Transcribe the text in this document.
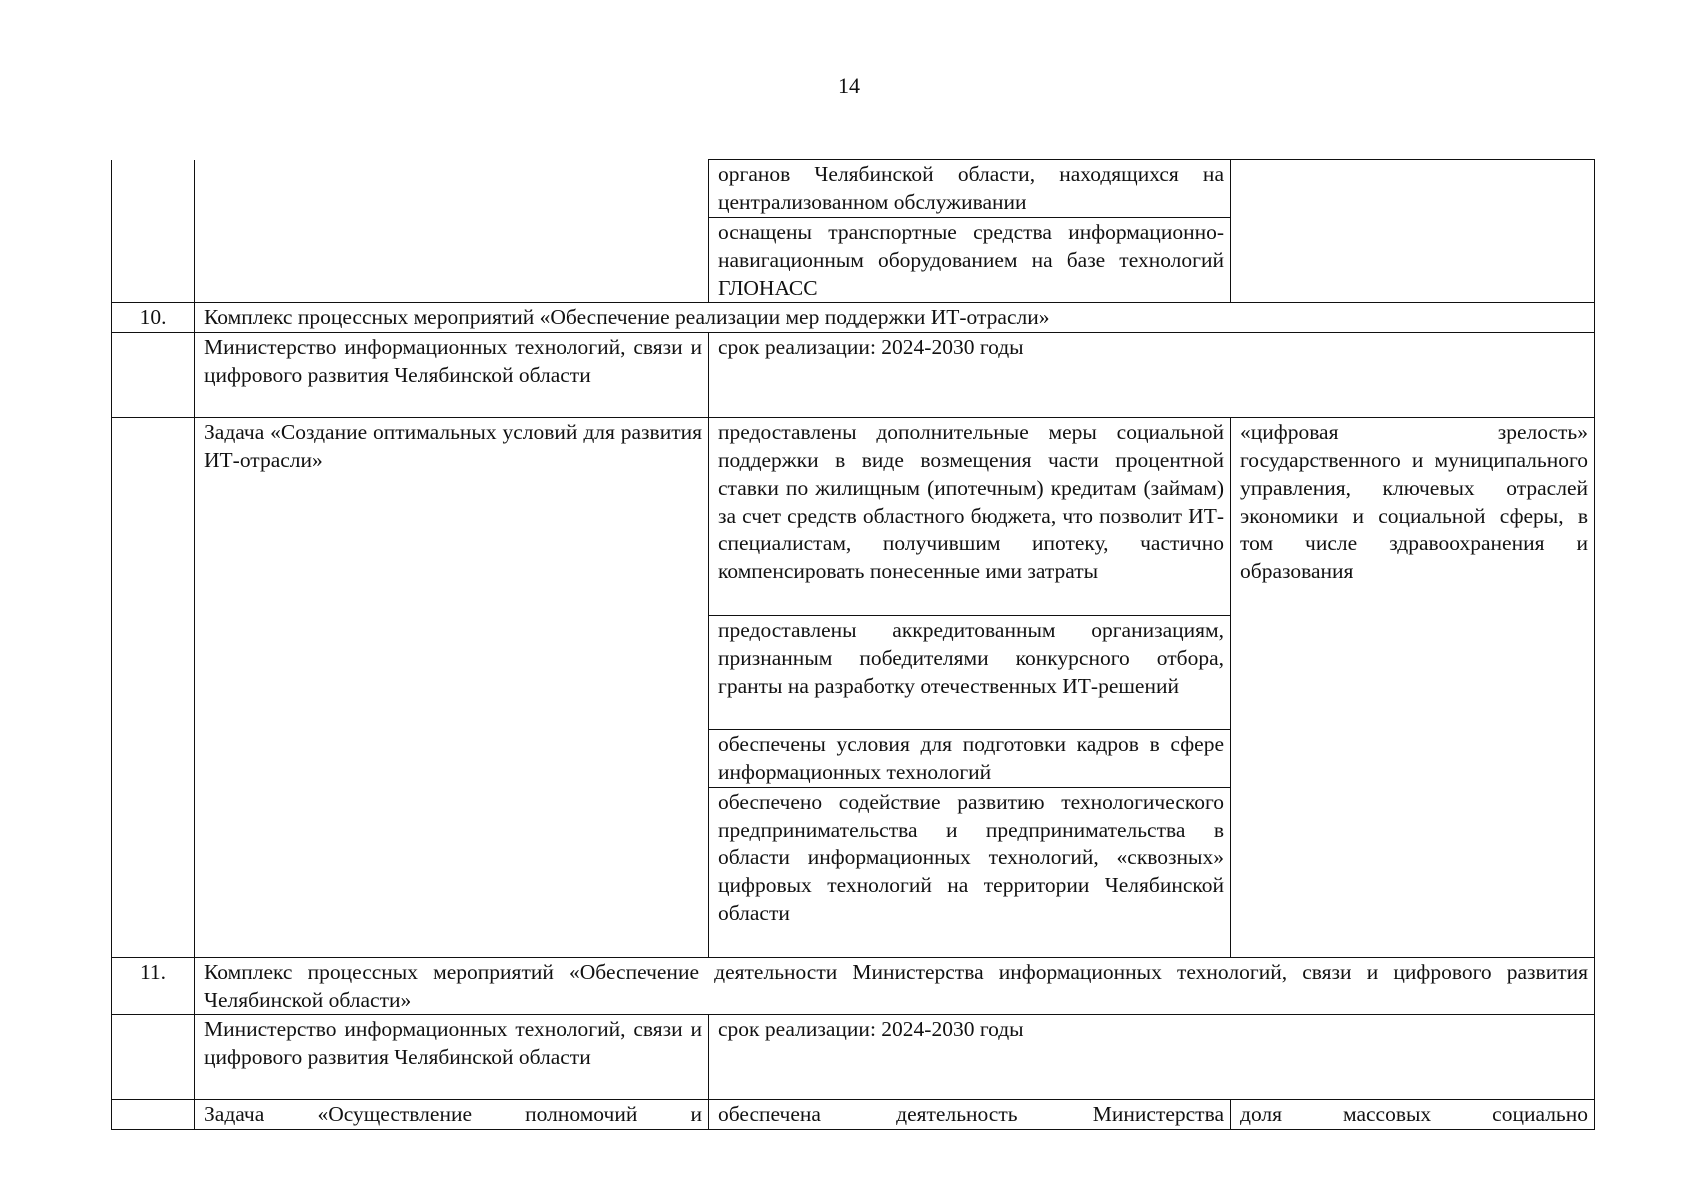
14
		органов Челябинской области, находящихся на централизованном обслуживании	
		оснащены транспортные средства информационно-навигационным оборудованием на базе технологий ГЛОНАСС	
10.	Комплекс процессных мероприятий «Обеспечение реализации мер поддержки ИТ-отрасли»		
	Министерство информационных технологий, связи и цифрового развития Челябинской области	срок реализации: 2024-2030 годы	
	Задача «Создание оптимальных условий для развития ИТ-отрасли»	предоставлены дополнительные меры социальной поддержки в виде возмещения части процентной ставки по жилищным (ипотечным) кредитам (займам) за счет средств областного бюджета, что позволит ИТ-специалистам, получившим ипотеку, частично компенсировать понесенные ими затраты	«цифровая зрелость» государственного и муниципального управления, ключевых отраслей экономики и социальной сферы, в том числе здравоохранения и образования
		предоставлены аккредитованным организациям, признанным победителями конкурсного отбора, гранты на разработку отечественных ИТ-решений	
		обеспечены условия для подготовки кадров в сфере информационных технологий	
		обеспечено содействие развитию технологического предпринимательства и предпринимательства в области информационных технологий, «сквозных» цифровых технологий на территории Челябинской области	
11.	Комплекс процессных мероприятий «Обеспечение деятельности Министерства информационных технологий, связи и цифрового развития Челябинской области»		
	Министерство информационных технологий, связи и цифрового развития Челябинской области	срок реализации: 2024-2030 годы	
	Задача «Осуществление полномочий и	обеспечена деятельность Министерства	доля массовых социально
